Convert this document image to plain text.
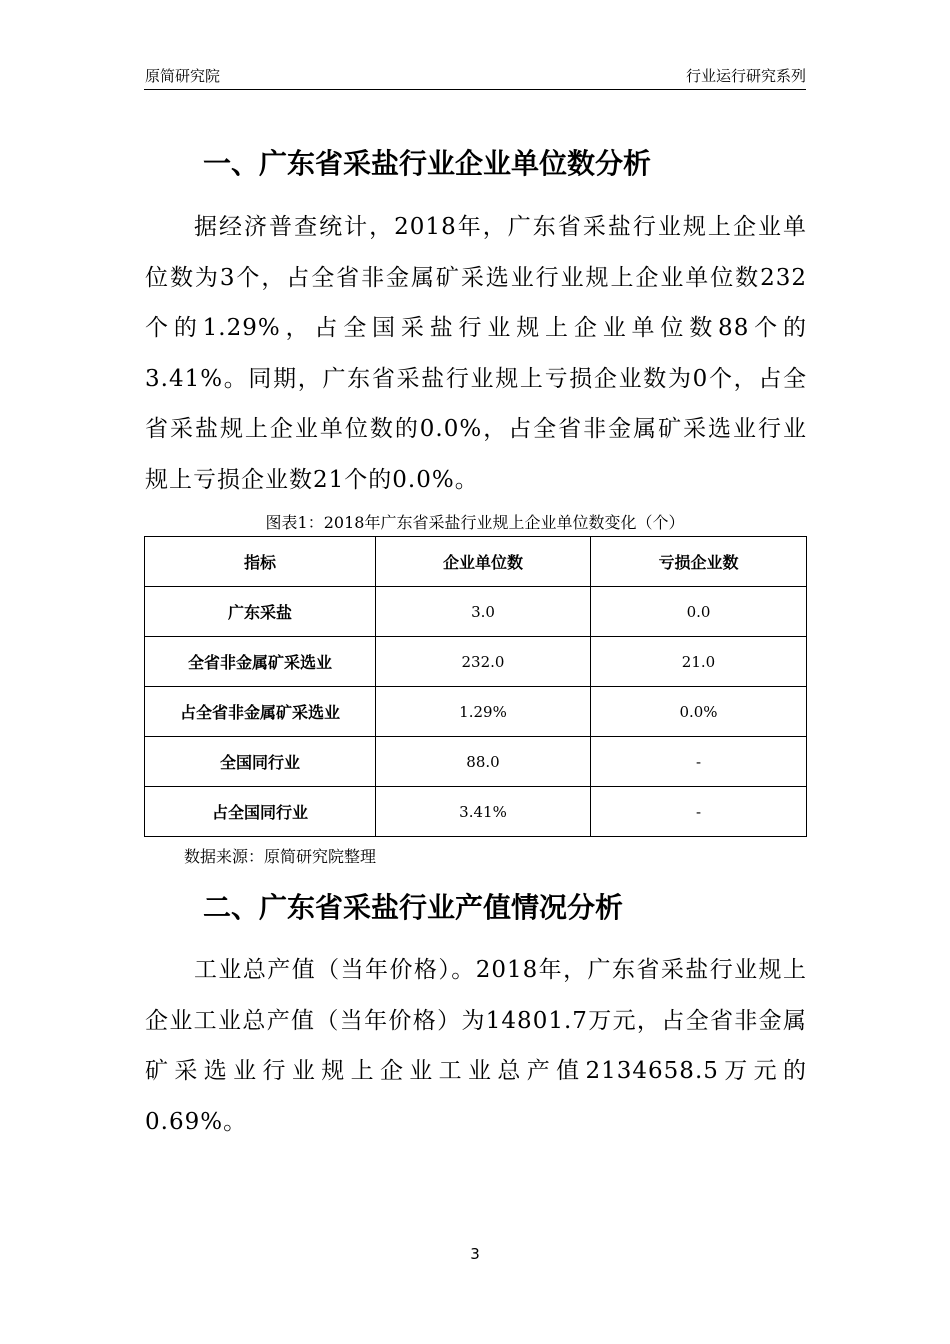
原简研究院	行业运行研究系列
一、广东省采盐行业企业单位数分析

据经济普查统计，2018年，广东省采盐行业规上企业单位数为3个，占全省非金属矿采选业行业规上企业单位数232个的1.29%，占全国采盐行业规上企业单位数88个的3.41%。同期，广东省采盐行业规上亏损企业数为0个，占全省采盐规上企业单位数的0.0%，占全省非金属矿采选业行业规上亏损企业数21个的0.0%。

图表1：2018年广东省采盐行业规上企业单位数变化（个）
指标	企业单位数	亏损企业数
广东采盐	3.0	0.0
全省非金属矿采选业	232.0	21.0
占全省非金属矿采选业	1.29%	0.0%
全国同行业	88.0	-
占全国同行业	3.41%	-
数据来源：原简研究院整理
二、广东省采盐行业产值情况分析

工业总产值（当年价格）。2018年，广东省采盐行业规上企业工业总产值（当年价格）为14801.7万元，占全省非金属矿采选业行业规上企业工业总产值2134658.5万元的0.69%。

3
